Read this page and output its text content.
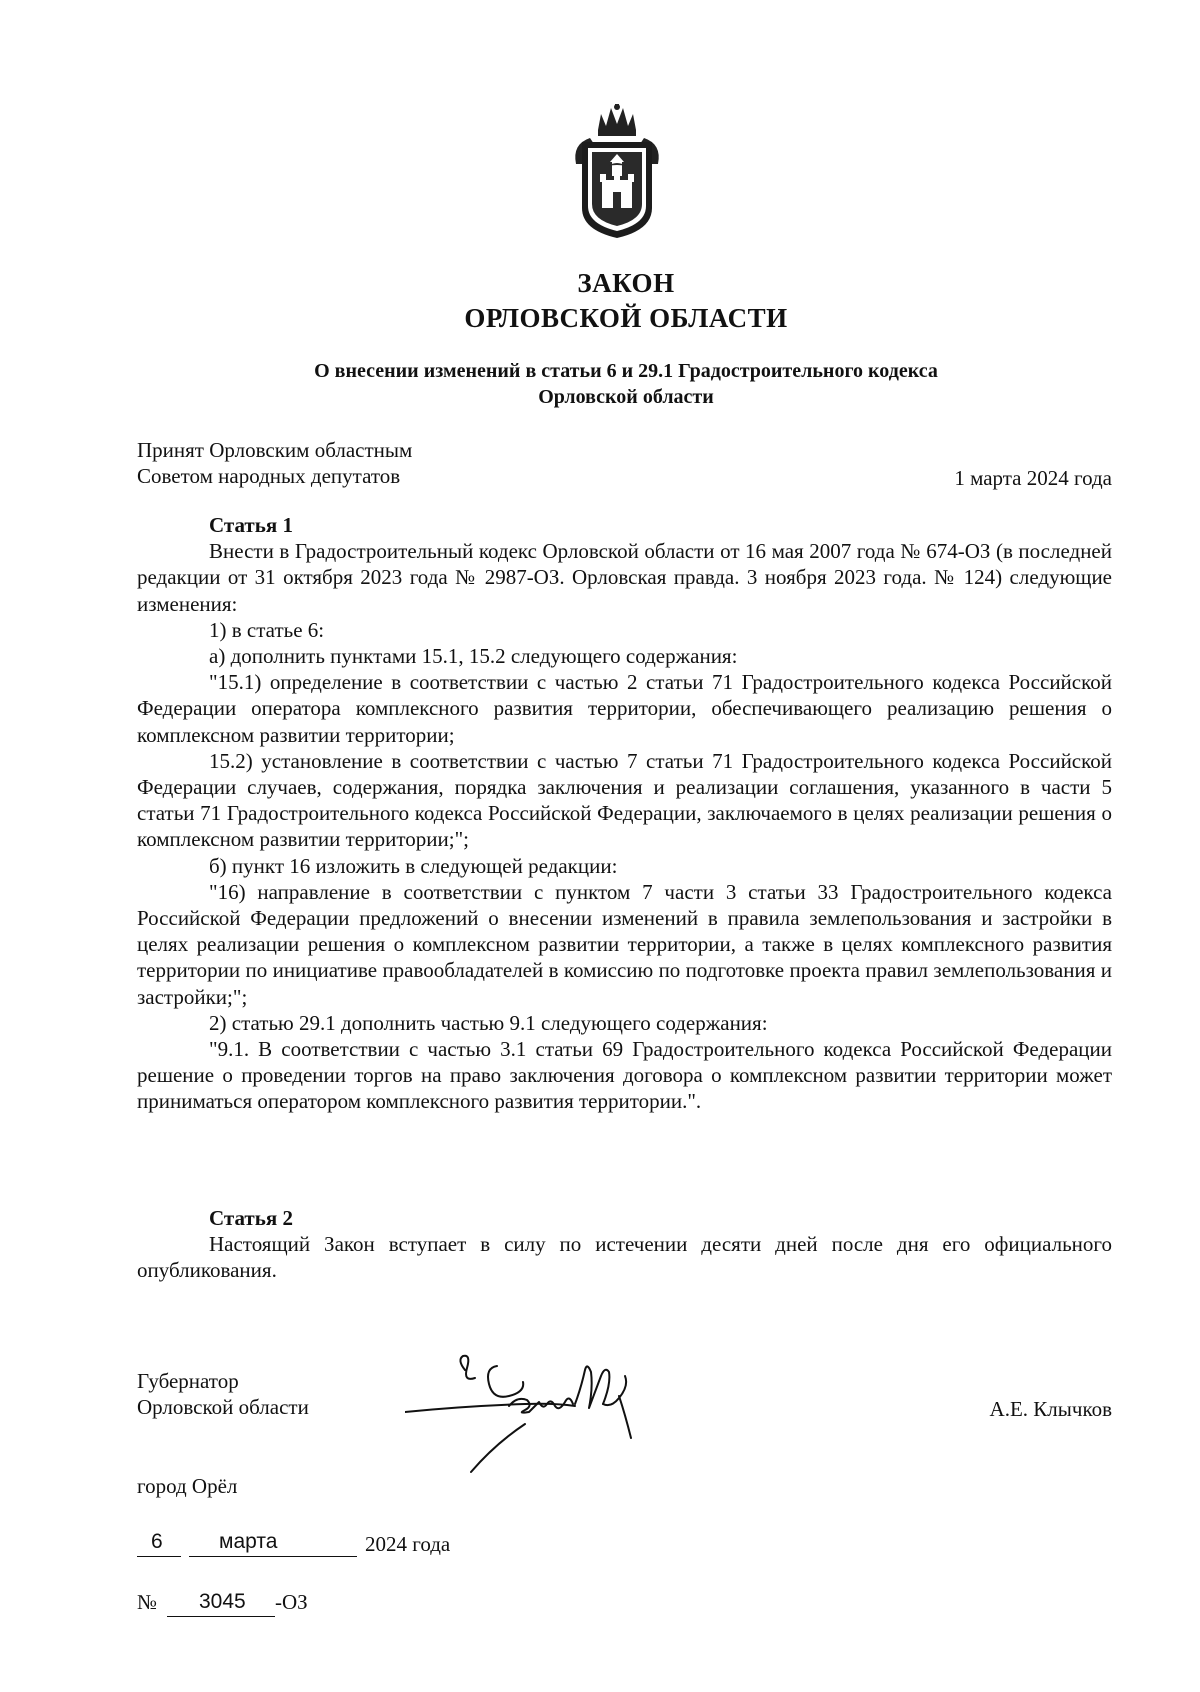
ЗАКОН
ОРЛОВСКОЙ ОБЛАСТИ
О внесении изменений в статьи 6 и 29.1 Градостроительного кодекса
Орловской области
Принят Орловским областным
Советом народных депутатов	1 марта 2024 года

Статья 1

Внести в Градостроительный кодекс Орловской области от 16 мая 2007 года № 674-ОЗ (в последней редакции от 31 октября 2023 года № 2987-ОЗ. Орловская правда. 3 ноября 2023 года. № 124) следующие изменения:

1) в статье 6:

а) дополнить пунктами 15.1, 15.2 следующего содержания:

"15.1) определение в соответствии с частью 2 статьи 71 Градостроительного кодекса Российской Федерации оператора комплексного развития территории, обеспечивающего реализацию решения о комплексном развитии территории;

15.2) установление в соответствии с частью 7 статьи 71 Градостроительного кодекса Российской Федерации случаев, содержания, порядка заключения и реализации соглашения, указанного в части 5 статьи 71 Градостроительного кодекса Российской Федерации, заключаемого в целях реализации решения о комплексном развитии территории;";

б) пункт 16 изложить в следующей редакции:

"16) направление в соответствии с пунктом 7 части 3 статьи 33 Градостроительного кодекса Российской Федерации предложений о внесении изменений в правила землепользования и застройки в целях реализации решения о комплексном развитии территории, а также в целях комплексного развития территории по инициативе правообладателей в комиссию по подготовке проекта правил землепользования и застройки;";

2) статью 29.1 дополнить частью 9.1 следующего содержания:

"9.1. В соответствии с частью 3.1 статьи 69 Градостроительного кодекса Российской Федерации решение о проведении торгов на право заключения договора о комплексном развитии территории может приниматься оператором комплексного развития территории.".

Статья 2

Настоящий Закон вступает в силу по истечении десяти дней после дня его официального опубликования.

Губернатор
Орловской области	А.Е. Клычков
город Орёл
6	марта	2024 года
№ 3045 -ОЗ
